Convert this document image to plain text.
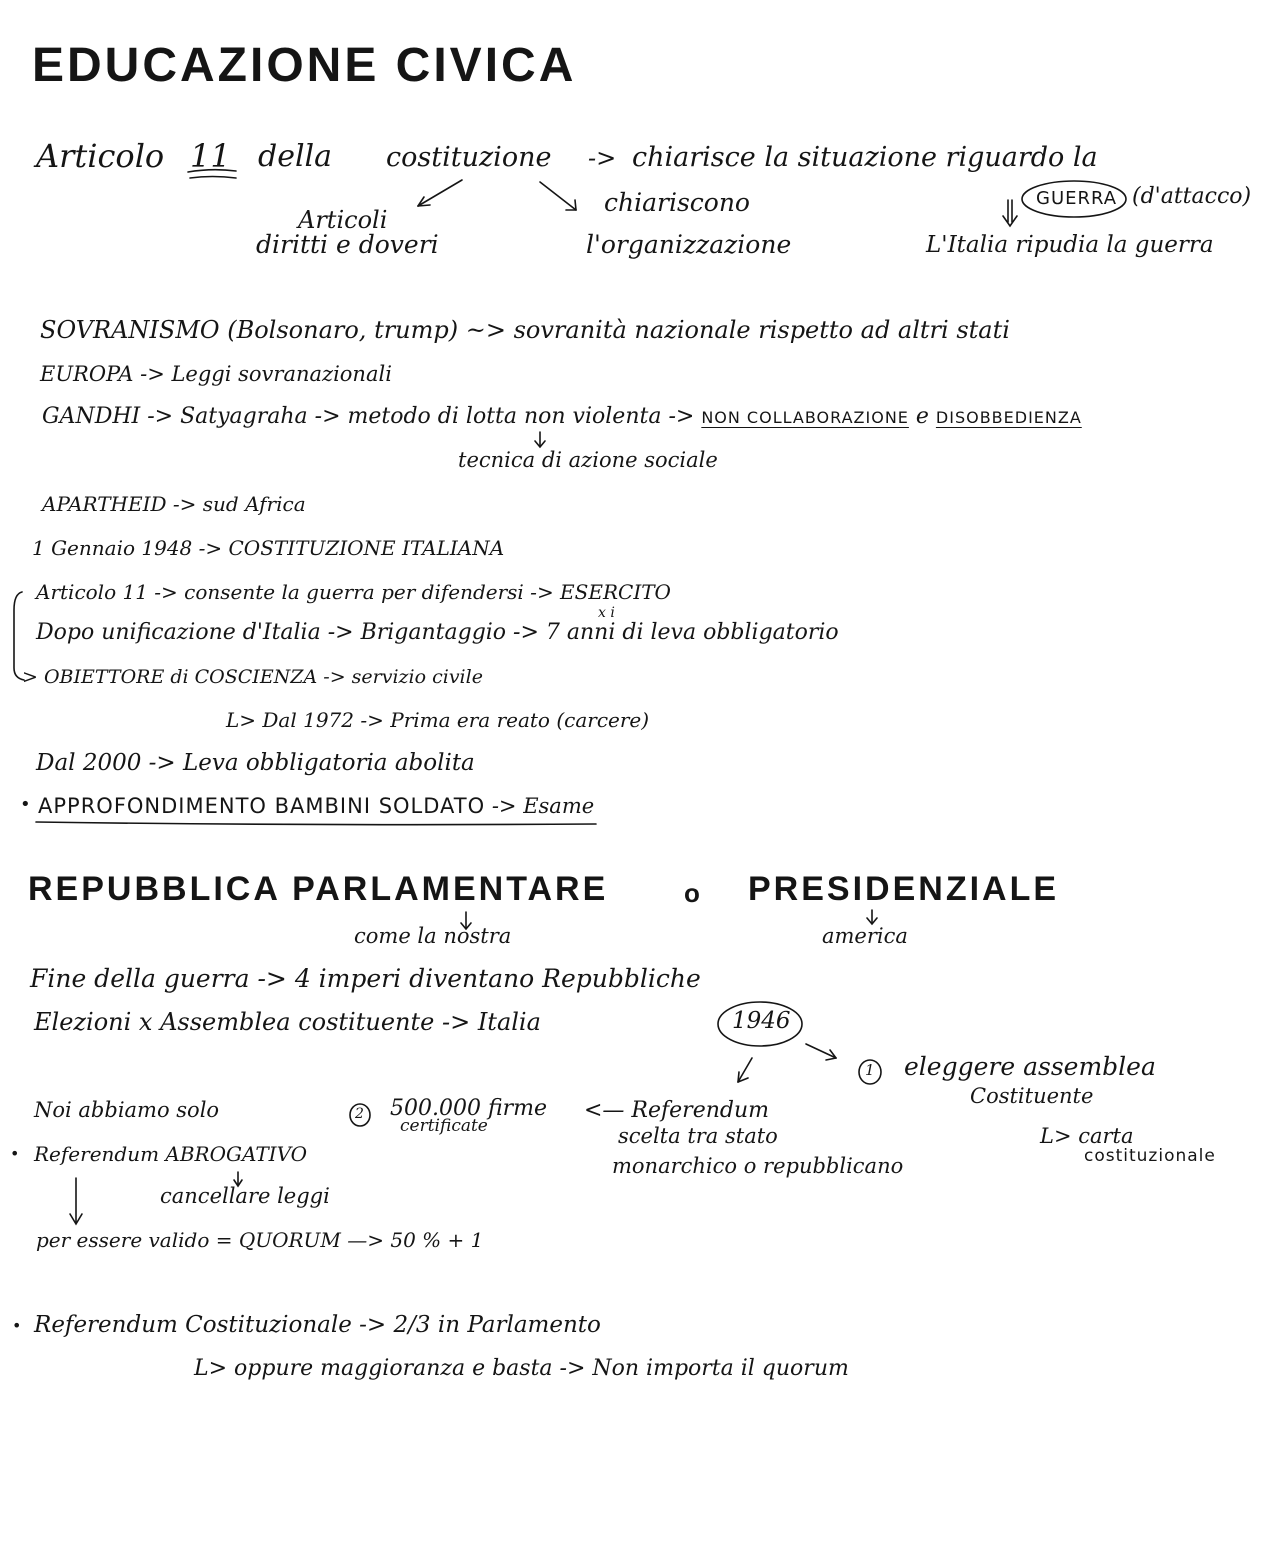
EDUCAZIONE CIVICA
Articolo 11 della costituzione -> chiarisce la situazione riguardo la
Articoli
diritti e doveri
chiariscono
l'organizzazione
GUERRA (d'attacco)
L'Italia ripudia la guerra
SOVRANISMO (Bolsonaro, trump) ~> sovranità nazionale rispetto ad altri stati
EUROPA -> Leggi sovranazionali
GANDHI -> Satyagraha -> metodo di lotta non violenta -> NON COLLABORAZIONE e DISOBBEDIENZA
tecnica di azione sociale
APARTHEID -> sud Africa
1 Gennaio 1948 -> COSTITUZIONE ITALIANA
Articolo 11 -> consente la guerra per difendersi -> ESERCITO
x i
Dopo unificazione d'Italia -> Brigantaggio -> 7 anni di leva obbligatorio
> OBIETTORE di COSCIENZA -> servizio civile
L> Dal 1972 -> Prima era reato (carcere)
Dal 2000 -> Leva obbligatoria abolita
• APPROFONDIMENTO BAMBINI SOLDATO -> Esame
REPUBBLICA PARLAMENTARE	o PRESIDENZIALE
come la nostra	america
Fine della guerra -> 4 imperi diventano Repubbliche
Elezioni x Assemblea costituente -> Italia	1946
1 eleggere assemblea
Costituente
L> carta
costituzionale
Noi abbiamo solo	2 500.000 firme
certificate
<— Referendum
scelta tra stato
monarchico o repubblicano
• Referendum ABROGATIVO
cancellare leggi
per essere valido = QUORUM —> 50 % + 1
• Referendum Costituzionale -> 2/3 in Parlamento
L> oppure maggioranza e basta -> Non importa il quorum
